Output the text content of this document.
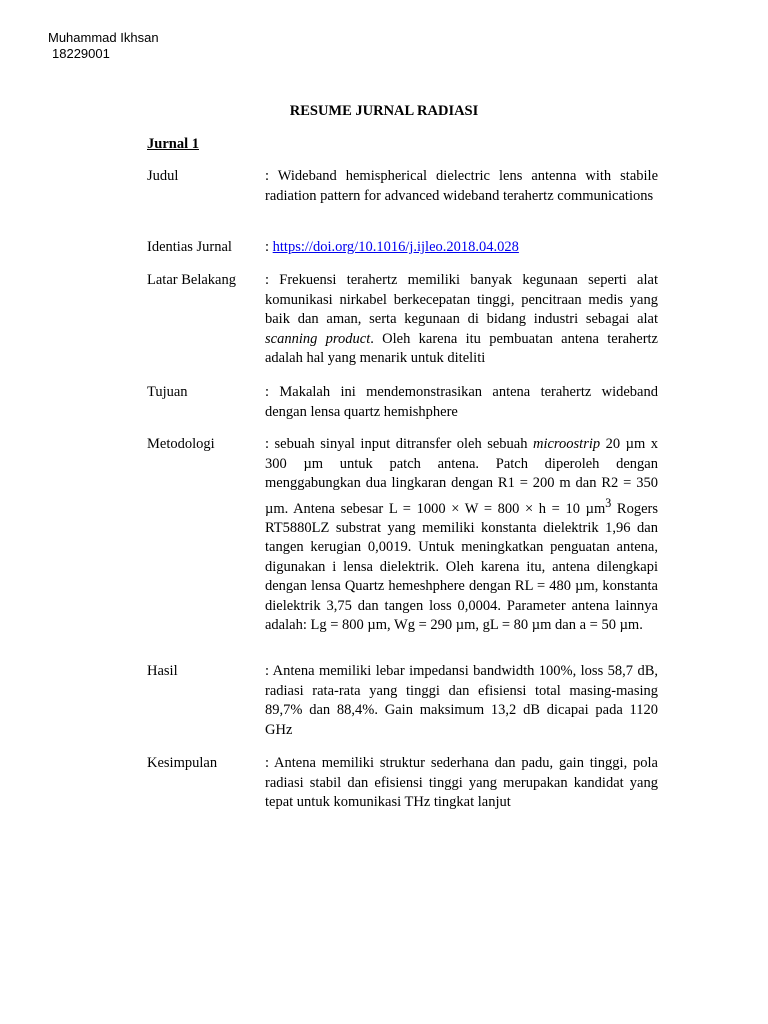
Muhammad Ikhsan
18229001
RESUME JURNAL RADIASI
Jurnal 1
Judul	: Wideband hemispherical dielectric lens antenna with stabile radiation pattern for advanced wideband terahertz communications
Identias Jurnal : https://doi.org/10.1016/j.ijleo.2018.04.028
Latar Belakang : Frekuensi terahertz memiliki banyak kegunaan seperti alat komunikasi nirkabel berkecepatan tinggi, pencitraan medis yang baik dan aman, serta kegunaan di bidang industri sebagai alat scanning product. Oleh karena itu pembuatan antena terahertz adalah hal yang menarik untuk diteliti
Tujuan	: Makalah ini mendemonstrasikan antena terahertz wideband dengan lensa quartz hemishphere
Metodologi	: sebuah sinyal input ditransfer oleh sebuah microostrip 20 µm x 300 µm untuk patch antena. Patch diperoleh dengan menggabungkan dua lingkaran dengan R1 = 200 m dan R2 = 350 µm. Antena sebesar L = 1000 × W = 800 × h = 10 µm$^3$ Rogers RT5880LZ substrat yang memiliki konstanta dielektrik 1,96 dan tangen kerugian 0,0019. Untuk meningkatkan penguatan antena, digunakan i lensa dielektrik. Oleh karena itu, antena dilengkapi dengan lensa Quartz hemeshphere dengan RL = 480 µm, konstanta dielektrik 3,75 dan tangen loss 0,0004. Parameter antena lainnya adalah: Lg = 800 µm, Wg = 290 µm, gL = 80 µm dan a = 50 µm.
Hasil	: Antena memiliki lebar impedansi bandwidth 100%, loss 58,7 dB, radiasi rata-rata yang tinggi dan efisiensi total masing-masing 89,7% dan 88,4%. Gain maksimum 13,2 dB dicapai pada 1120 GHz
Kesimpulan	: Antena memiliki struktur sederhana dan padu, gain tinggi, pola radiasi stabil dan efisiensi tinggi yang merupakan kandidat yang tepat untuk komunikasi THz tingkat lanjut
